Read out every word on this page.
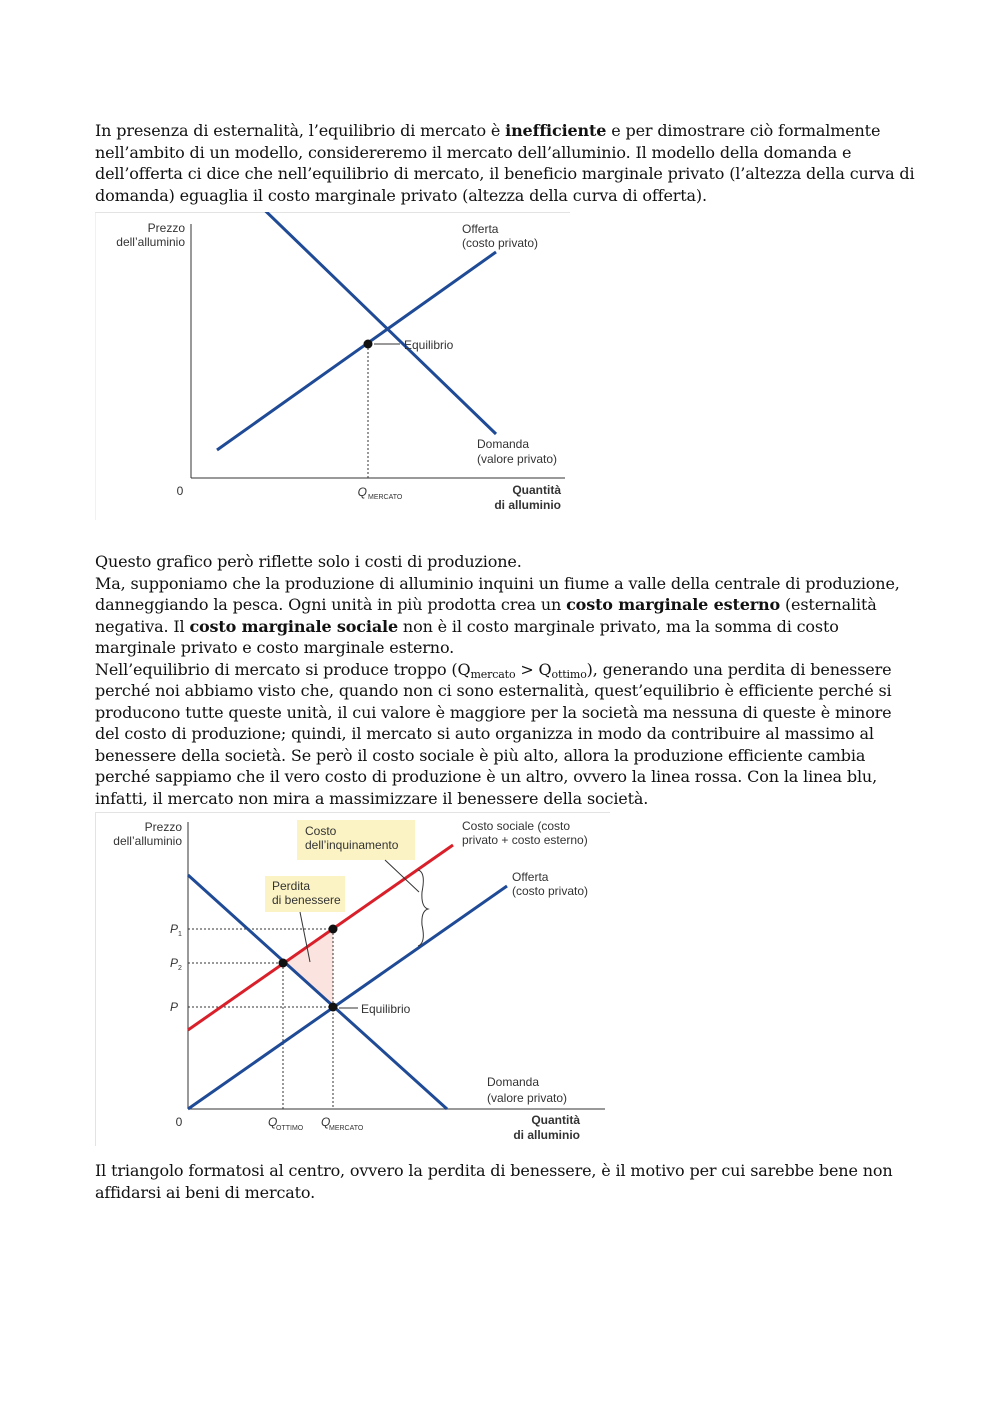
In presenza di esternalità, l’equilibrio di mercato è inefficiente e per dimostrare ciò formalmente nell’ambito di un modello, considereremo il mercato dell’alluminio. Il modello della domanda e dell’offerta ci dice che nell’equilibrio di mercato, il beneficio marginale privato (l’altezza della curva di domanda) eguaglia il costo marginale privato (altezza della curva di offerta).
Prezzo
dell’alluminio
0
Equilibrio
Offerta
(costo privato)
Domanda
(valore privato)
Q MERCATO
Quantità
di alluminio
Questo grafico però riflette solo i costi di produzione.
Ma, supponiamo che la produzione di alluminio inquini un fiume a valle della centrale di produzione, danneggiando la pesca. Ogni unità in più prodotta crea un costo marginale esterno (esternalità negativa. Il costo marginale sociale non è il costo marginale privato, ma la somma di costo marginale privato e costo marginale esterno.
Nell’equilibrio di mercato si produce troppo $(Q_{mercato} > Q_{ottimo})$, generando una perdita di benessere perché noi abbiamo visto che, quando non ci sono esternalità, quest’equilibrio è efficiente perché si producono tutte queste unità, il cui valore è maggiore per la società ma nessuna di queste è minore del costo di produzione; quindi, il mercato si auto organizza in modo da contribuire al massimo al benessere della società. Se però il costo sociale è più alto, allora la produzione efficiente cambia perché sappiamo che il vero costo di produzione è un altro, ovvero la linea rossa. Con la linea blu, infatti, il mercato non mira a massimizzare il benessere della società.
Prezzo
dell’alluminio
0
Equilibrio
Costo
dell’inquinamento
Perdita
di benessere
Costo sociale (costo
privato + costo esterno)
Offerta
(costo privato)
Domanda
(valore privato)
P 1
P 2
P
Q
OTTIMO Q
MERCATO
Quantità
di alluminio
Il triangolo formatosi al centro, ovvero la perdita di benessere, è il motivo per cui sarebbe bene non affidarsi ai beni di mercato.
